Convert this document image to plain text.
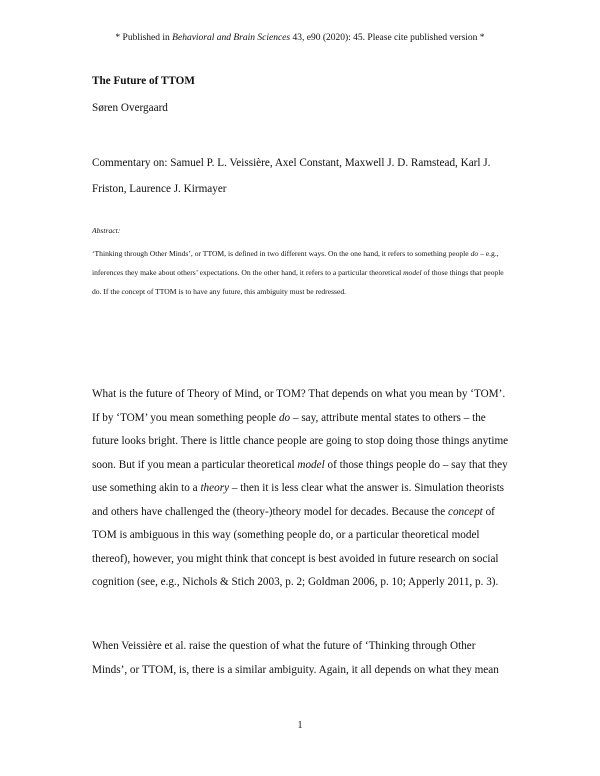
* Published in Behavioral and Brain Sciences 43, e90 (2020): 45. Please cite published version *
The Future of TTOM
Søren Overgaard
Commentary on: Samuel P. L. Veissière, Axel Constant, Maxwell J. D. Ramstead, Karl J. Friston, Laurence J. Kirmayer
Abstract:
‘Thinking through Other Minds’, or TTOM, is defined in two different ways. On the one hand, it refers to something people do – e.g., inferences they make about others’ expectations. On the other hand, it refers to a particular theoretical model of those things that people do. If the concept of TTOM is to have any future, this ambiguity must be redressed.
What is the future of Theory of Mind, or TOM? That depends on what you mean by ‘TOM’. If by ‘TOM’ you mean something people do – say, attribute mental states to others – the future looks bright. There is little chance people are going to stop doing those things anytime soon. But if you mean a particular theoretical model of those things people do – say that they use something akin to a theory – then it is less clear what the answer is. Simulation theorists and others have challenged the (theory-)theory model for decades. Because the concept of TOM is ambiguous in this way (something people do, or a particular theoretical model thereof), however, you might think that concept is best avoided in future research on social cognition (see, e.g., Nichols & Stich 2003, p. 2; Goldman 2006, p. 10; Apperly 2011, p. 3).
When Veissière et al. raise the question of what the future of ‘Thinking through Other Minds’, or TTOM, is, there is a similar ambiguity. Again, it all depends on what they mean
1
